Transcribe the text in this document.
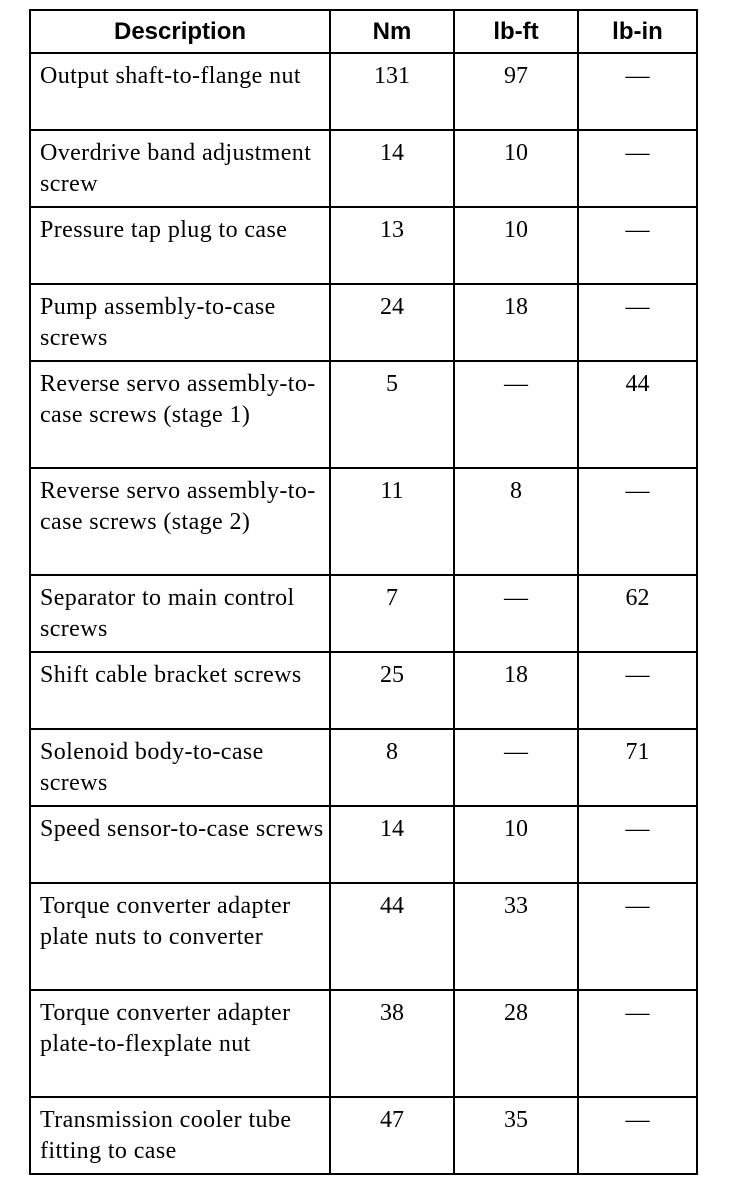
Description	Nm	lb-ft	lb-in
Output shaft-to-flange nut	131	97	—
Overdrive band adjustment screw	14	10	—
Pressure tap plug to case	13	10	—
Pump assembly-to-case screws	24	18	—
Reverse servo assembly-to-case screws (stage 1)	5	—	44
Reverse servo assembly-to-case screws (stage 2)	11	8	—
Separator to main control screws	7	—	62
Shift cable bracket screws	25	18	—
Solenoid body-to-case screws	8	—	71
Speed sensor-to-case screws	14	10	—
Torque converter adapter plate nuts to converter	44	33	—
Torque converter adapter plate-to-flexplate nut	38	28	—
Transmission cooler tube fitting to case	47	35	—
